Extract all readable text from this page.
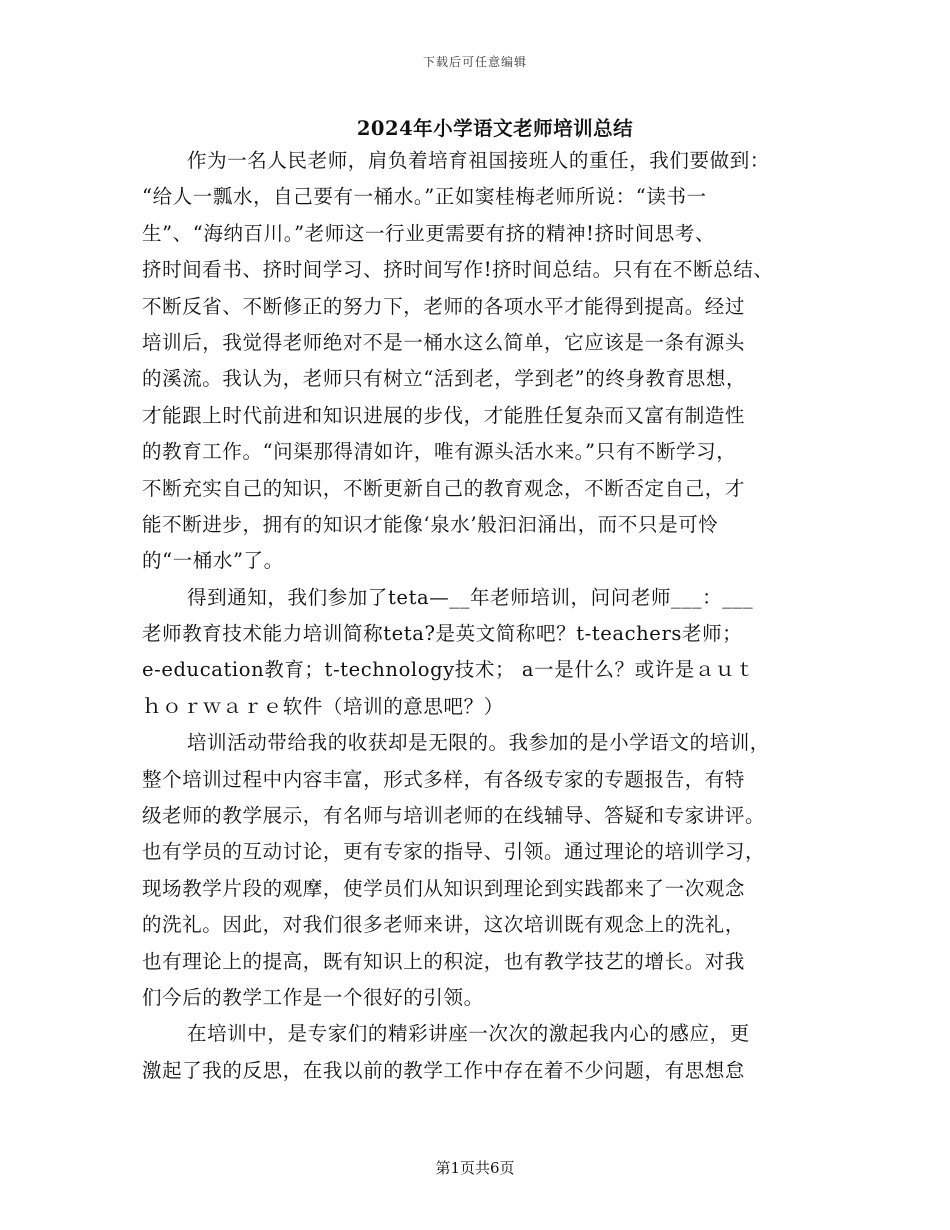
下载后可任意编辑
2024年小学语文老师培训总结
作为一名人民老师，肩负着培育祖国接班人的重任，我们要做到：
“给人一瓢水，自己要有一桶水。”正如窦桂梅老师所说：“读书一
生”、“海纳百川。”老师这一行业更需要有挤的精神!挤时间思考、
挤时间看书、挤时间学习、挤时间写作!挤时间总结。只有在不断总结、
不断反省、不断修正的努力下，老师的各项水平才能得到提高。经过
培训后，我觉得老师绝对不是一桶水这么简单，它应该是一条有源头
的溪流。我认为，老师只有树立“活到老，学到老”的终身教育思想，
才能跟上时代前进和知识进展的步伐，才能胜任复杂而又富有制造性
的教育工作。“问渠那得清如许，唯有源头活水来。”只有不断学习，
不断充实自己的知识，不断更新自己的教育观念，不断否定自己，才
能不断进步，拥有的知识才能像‘泉水’般汩汩涌出，而不只是可怜
的“一桶水”了。
得到通知，我们参加了teta—__年老师培训，问问老师___：___
老师教育技术能力培训简称teta?是英文简称吧？t-teachers老师；
e-education教育；t-technology技术； a一是什么？或许是ａｕｔ
ｈｏｒｗａｒｅ软件（培训的意思吧？）
培训活动带给我的收获却是无限的。我参加的是小学语文的培训，
整个培训过程中内容丰富，形式多样，有各级专家的专题报告，有特
级老师的教学展示，有名师与培训老师的在线辅导、答疑和专家讲评。
也有学员的互动讨论，更有专家的指导、引领。通过理论的培训学习，
现场教学片段的观摩，使学员们从知识到理论到实践都来了一次观念
的洗礼。因此，对我们很多老师来讲，这次培训既有观念上的洗礼，
也有理论上的提高，既有知识上的积淀，也有教学技艺的增长。对我
们今后的教学工作是一个很好的引领。
在培训中，是专家们的精彩讲座一次次的激起我内心的感应，更
激起了我的反思，在我以前的教学工作中存在着不少问题，有思想怠
第1页共6页
